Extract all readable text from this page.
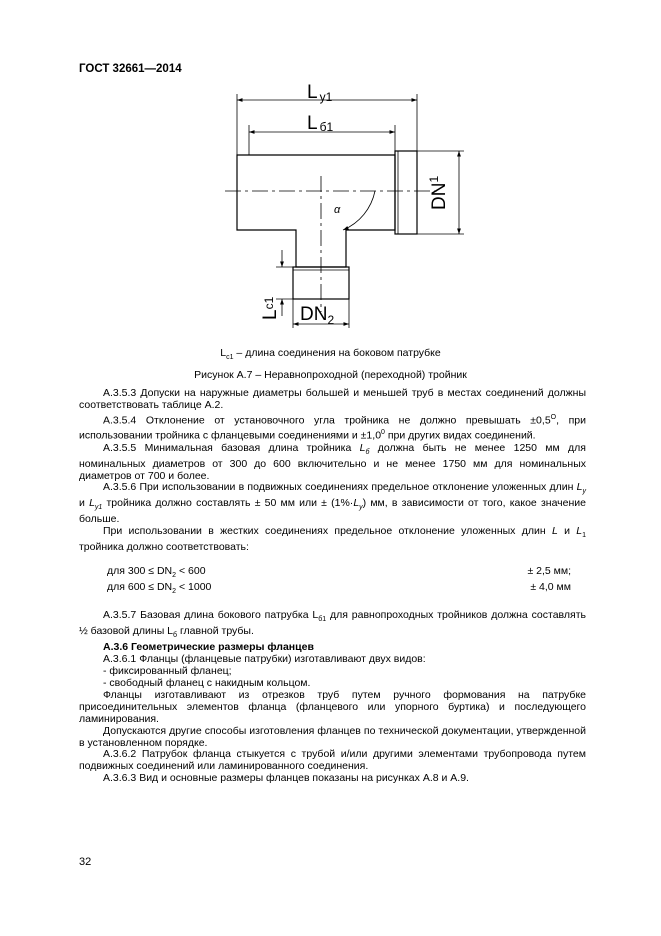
ГОСТ 32661—2014
Lу1
Lб1
$DN^1$
$DN_2$
Lc1
α
$L_{c1}$ – длина соединения на боковом патрубке
Рисунок А.7 – Неравнопроходной (переходной) тройник

А.3.5.3 Допуски на наружные диаметры большей и меньшей труб в местах соединений должны соответствовать таблице А.2.

А.3.5.4 Отклонение от установочного угла тройника не должно превышать $\pm 0,5^O$, при использовании тройника с фланцевыми соединениями $и \pm 1,0^0$ при других видах соединений.

А.3.5.5 Минимальная базовая длина тройника $L_б$ должна быть не менее 1250 мм для номинальных диаметров от 300 до 600 включительно и не менее 1750 мм для номинальных диаметров от 700 и более.

А.3.5.6 При использовании в подвижных соединениях предельное отклонение уложенных длин $L_у$ и $L_{у1}$ тройника должно составлять ± 50 мм или ± $(1\%\cdot L_у)$ мм, в зависимости от того, какое значение больше.

При использовании в жестких соединениях предельное отклонение уложенных длин L и $L_1$ тройника должно соответствовать:

для $300 \le DN_2 < 600$	± 2,5 мм;
для $600 \le DN_2 < 1000$	± 4,0 мм

А.3.5.7 Базовая длина бокового патрубка $L_{б1}$ для равнопроходных тройников должна составлять ½ базовой длины $L_б$ главной трубы.

А.3.6 Геометрические размеры фланцев

А.3.6.1 Фланцы (фланцевые патрубки) изготавливают двух видов:

- фиксированный фланец;

- свободный фланец с накидным кольцом.

Фланцы изготавливают из отрезков труб путем ручного формования на патрубке присоединительных элементов фланца (фланцевого или упорного буртика) и последующего ламинирования.

Допускаются другие способы изготовления фланцев по технической документации, утвержденной в установленном порядке.

А.3.6.2 Патрубок фланца стыкуется с трубой и/или другими элементами трубопровода путем подвижных соединений или ламинированного соединения.

А.3.6.3 Вид и основные размеры фланцев показаны на рисунках А.8 и А.9.

32
